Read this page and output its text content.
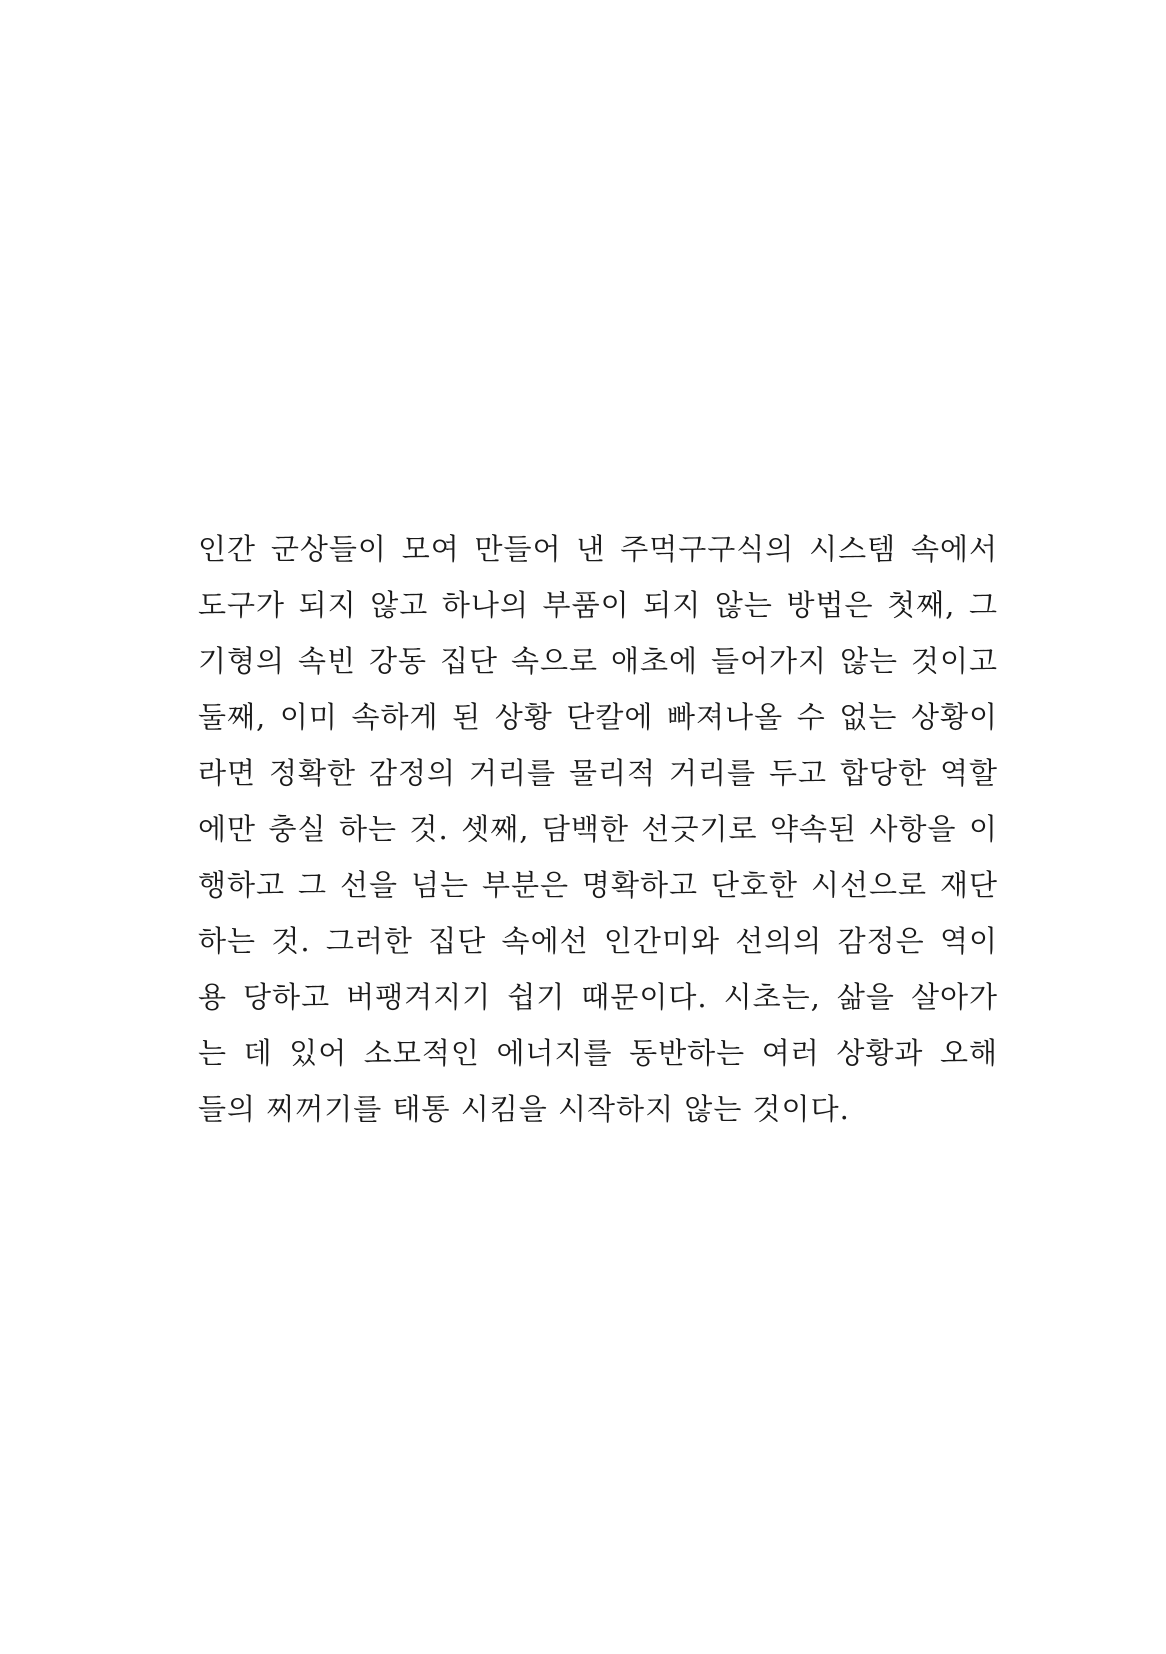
인간 군상들이 모여 만들어 낸 주먹구구식의 시스템 속에서
도구가 되지 않고 하나의 부품이 되지 않는 방법은 첫째, 그
기형의 속빈 강동 집단 속으로 애초에 들어가지 않는 것이고
둘째, 이미 속하게 된 상황 단칼에 빠져나올 수 없는 상황이
라면 정확한 감정의 거리를 물리적 거리를 두고 합당한 역할
에만 충실 하는 것. 셋째, 담백한 선긋기로 약속된 사항을 이
행하고 그 선을 넘는 부분은 명확하고 단호한 시선으로 재단
하는 것. 그러한 집단 속에선 인간미와 선의의 감정은 역이
용 당하고 버팽겨지기 쉽기 때문이다. 시초는, 삶을 살아가
는 데 있어 소모적인 에너지를 동반하는 여러 상황과 오해
들의 찌꺼기를 태통 시킴을 시작하지 않는 것이다.
